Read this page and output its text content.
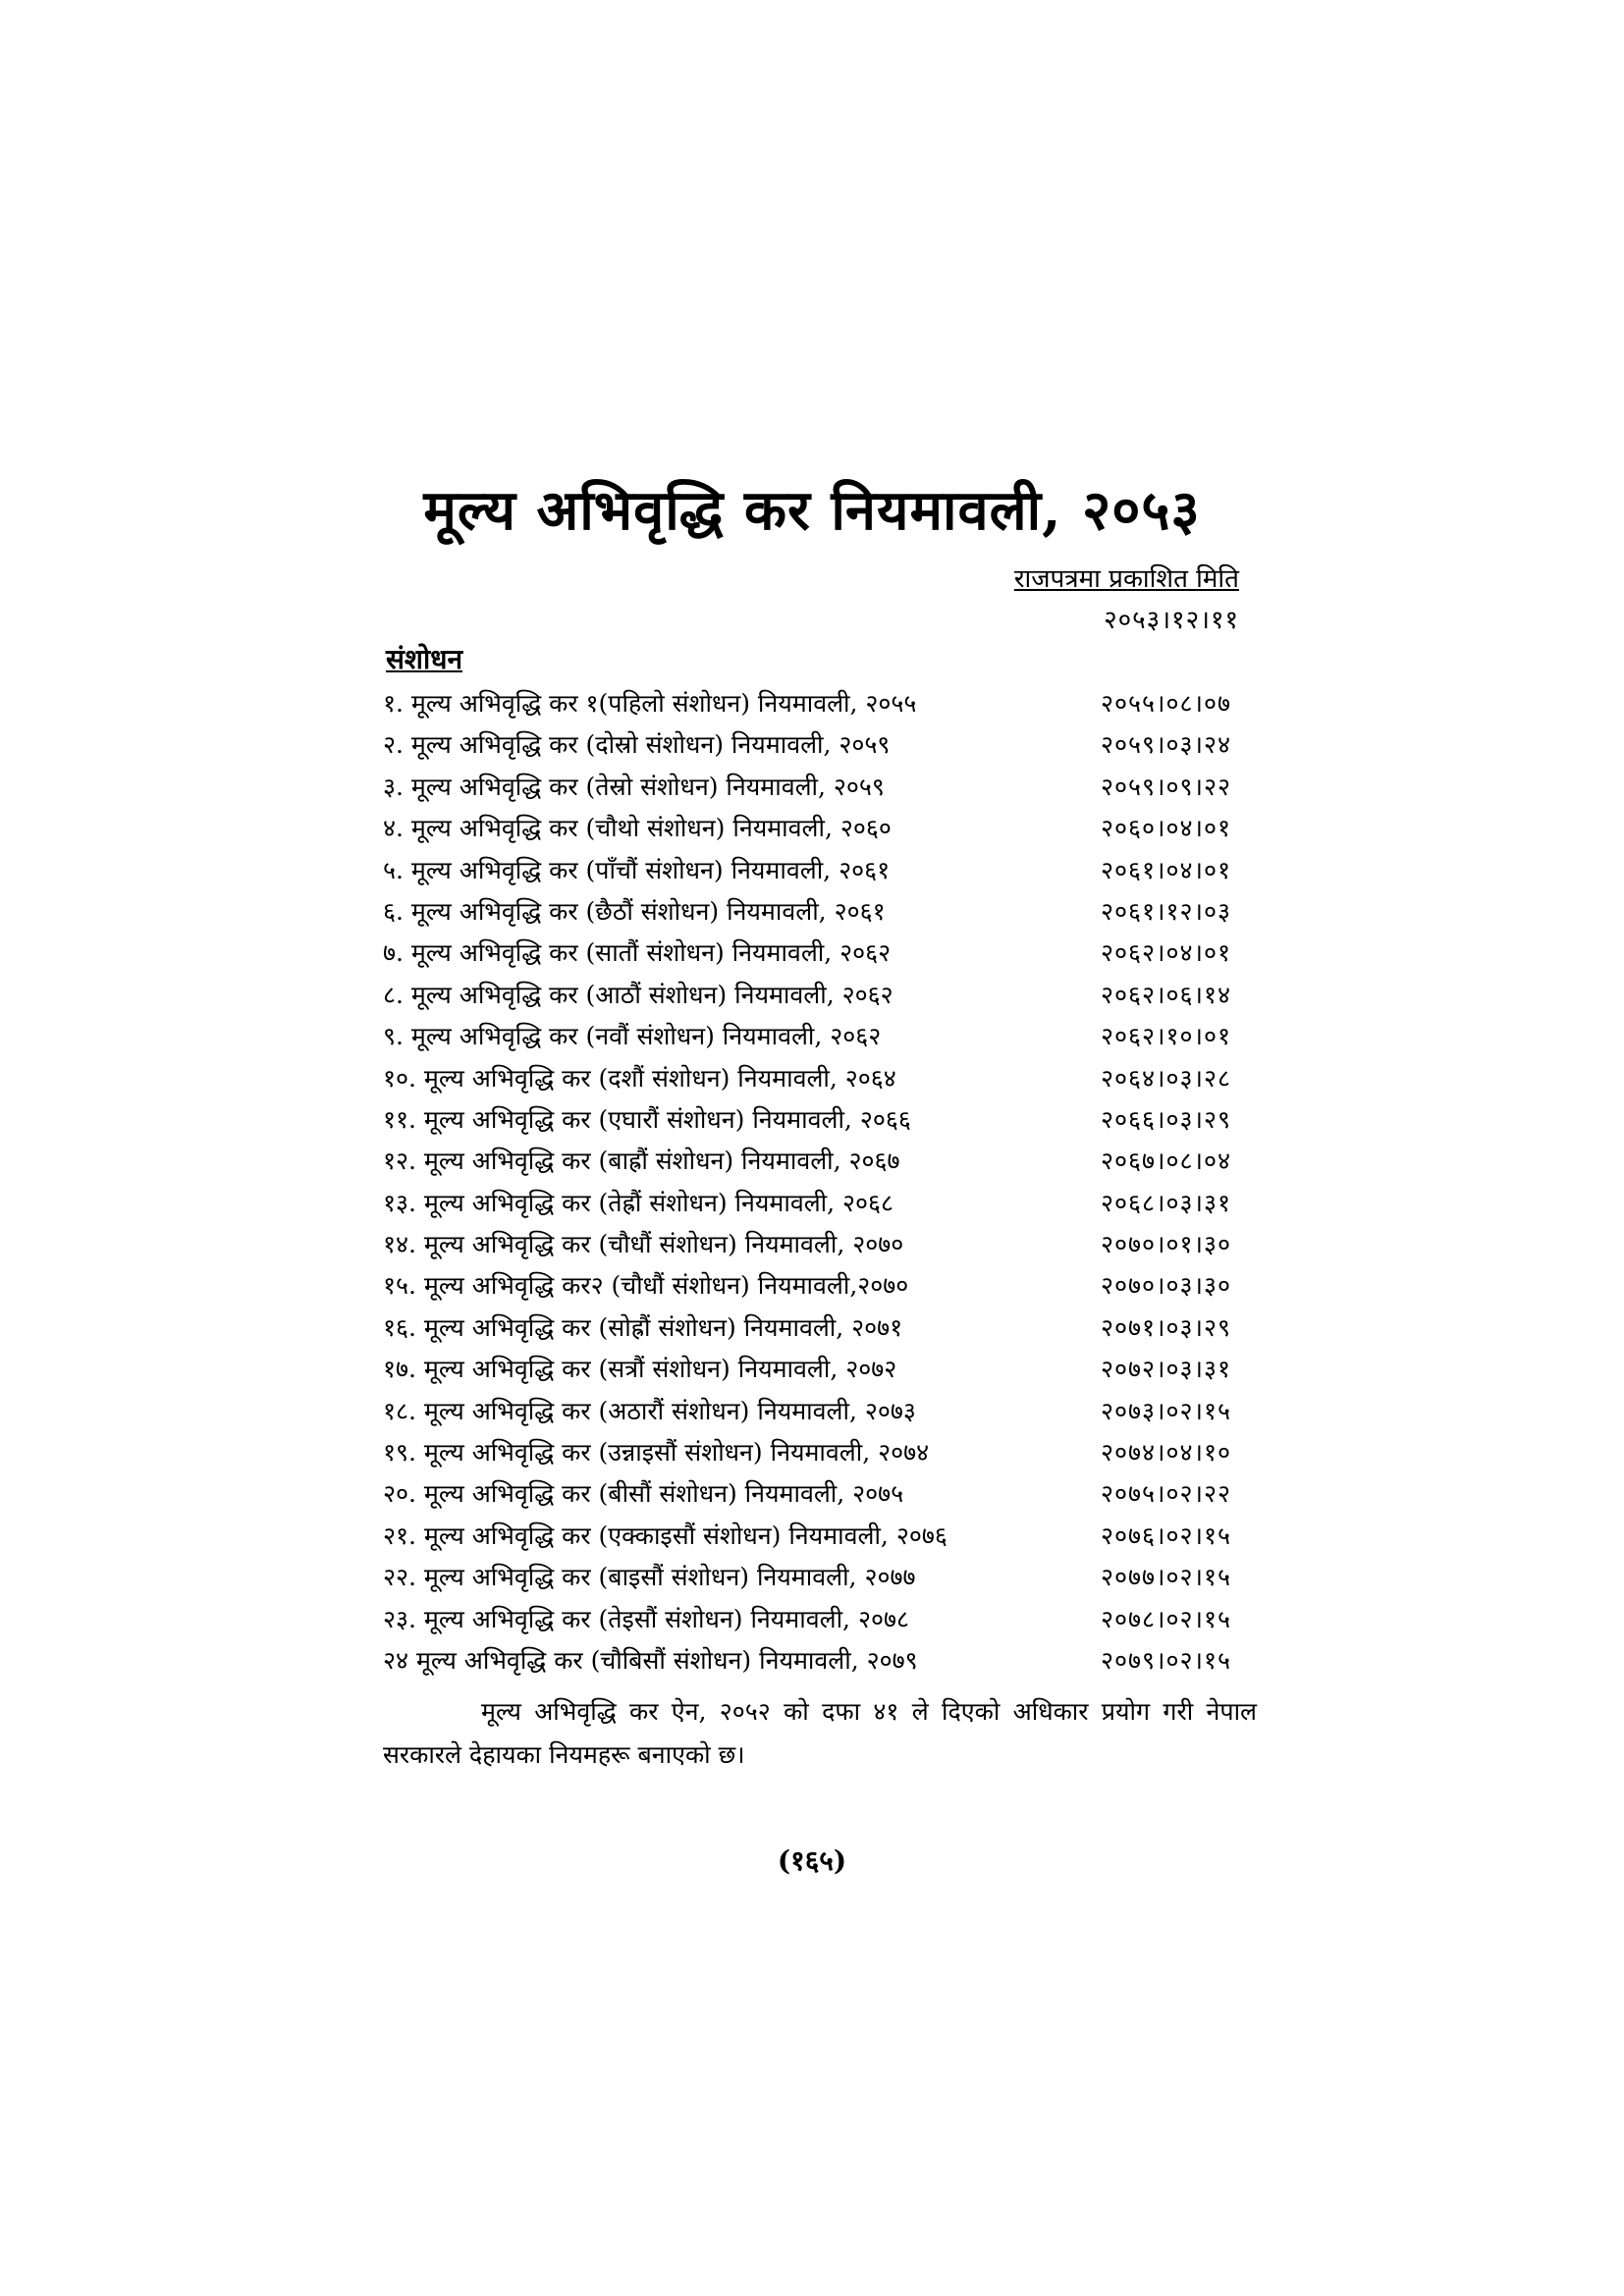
मूल्य अभिवृद्धि कर नियमावली, २०५३
राजपत्रमा प्रकाशित मिति
२०५३।१२।११
संशोधन
१. मूल्य अभिवृद्धि कर १(पहिलो संशोधन) नियमावली, २०५५	२०५५।०८।०७
२. मूल्य अभिवृद्धि कर (दोस्रो संशोधन) नियमावली, २०५९	२०५९।०३।२४
३. मूल्य अभिवृद्धि कर (तेस्रो संशोधन) नियमावली, २०५९	२०५९।०९।२२
४. मूल्य अभिवृद्धि कर (चौथो संशोधन) नियमावली, २०६०	२०६०।०४।०१
५. मूल्य अभिवृद्धि कर (पाँचौं संशोधन) नियमावली, २०६१	२०६१।०४।०१
६. मूल्य अभिवृद्धि कर (छैठौं संशोधन) नियमावली, २०६१	२०६१।१२।०३
७. मूल्य अभिवृद्धि कर (सातौं संशोधन) नियमावली, २०६२	२०६२।०४।०१
८. मूल्य अभिवृद्धि कर (आठौं संशोधन) नियमावली, २०६२	२०६२।०६।१४
९. मूल्य अभिवृद्धि कर (नवौं संशोधन) नियमावली, २०६२	२०६२।१०।०१
१०. मूल्य अभिवृद्धि कर (दशौं संशोधन) नियमावली, २०६४	२०६४।०३।२८
११. मूल्य अभिवृद्धि कर (एघारौं संशोधन) नियमावली, २०६६	२०६६।०३।२९
१२. मूल्य अभिवृद्धि कर (बाह्रौं संशोधन) नियमावली, २०६७	२०६७।०८।०४
१३. मूल्य अभिवृद्धि कर (तेह्रौं संशोधन) नियमावली, २०६८	२०६८।०३।३१
१४. मूल्य अभिवृद्धि कर (चौधौं संशोधन) नियमावली, २०७०	२०७०।०१।३०
१५. मूल्य अभिवृद्धि कर२ (चौधौं संशोधन) नियमावली,२०७०	२०७०।०३।३०
१६. मूल्य अभिवृद्धि कर (सोह्रौं संशोधन) नियमावली, २०७१	२०७१।०३।२९
१७. मूल्य अभिवृद्धि कर (सत्रौं संशोधन) नियमावली, २०७२	२०७२।०३।३१
१८. मूल्य अभिवृद्धि कर (अठारौं संशोधन) नियमावली, २०७३	२०७३।०२।१५
१९. मूल्य अभिवृद्धि कर (उन्नाइसौं संशोधन) नियमावली, २०७४	२०७४।०४।१०
२०. मूल्य अभिवृद्धि कर (बीसौं संशोधन) नियमावली, २०७५	२०७५।०२।२२
२१. मूल्य अभिवृद्धि कर (एक्काइसौं संशोधन) नियमावली, २०७६	२०७६।०२।१५
२२. मूल्य अभिवृद्धि कर (बाइसौं संशोधन) नियमावली, २०७७	२०७७।०२।१५
२३. मूल्य अभिवृद्धि कर (तेइसौं संशोधन) नियमावली, २०७८	२०७८।०२।१५
२४ मूल्य अभिवृद्धि कर (चौबिसौं संशोधन) नियमावली, २०७९	२०७९।०२।१५
मूल्य अभिवृद्धि कर ऐन, २०५२ को दफा ४१ ले दिएको अधिकार प्रयोग गरी नेपाल सरकारले देहायका नियमहरू बनाएको छ।
(१६५)
